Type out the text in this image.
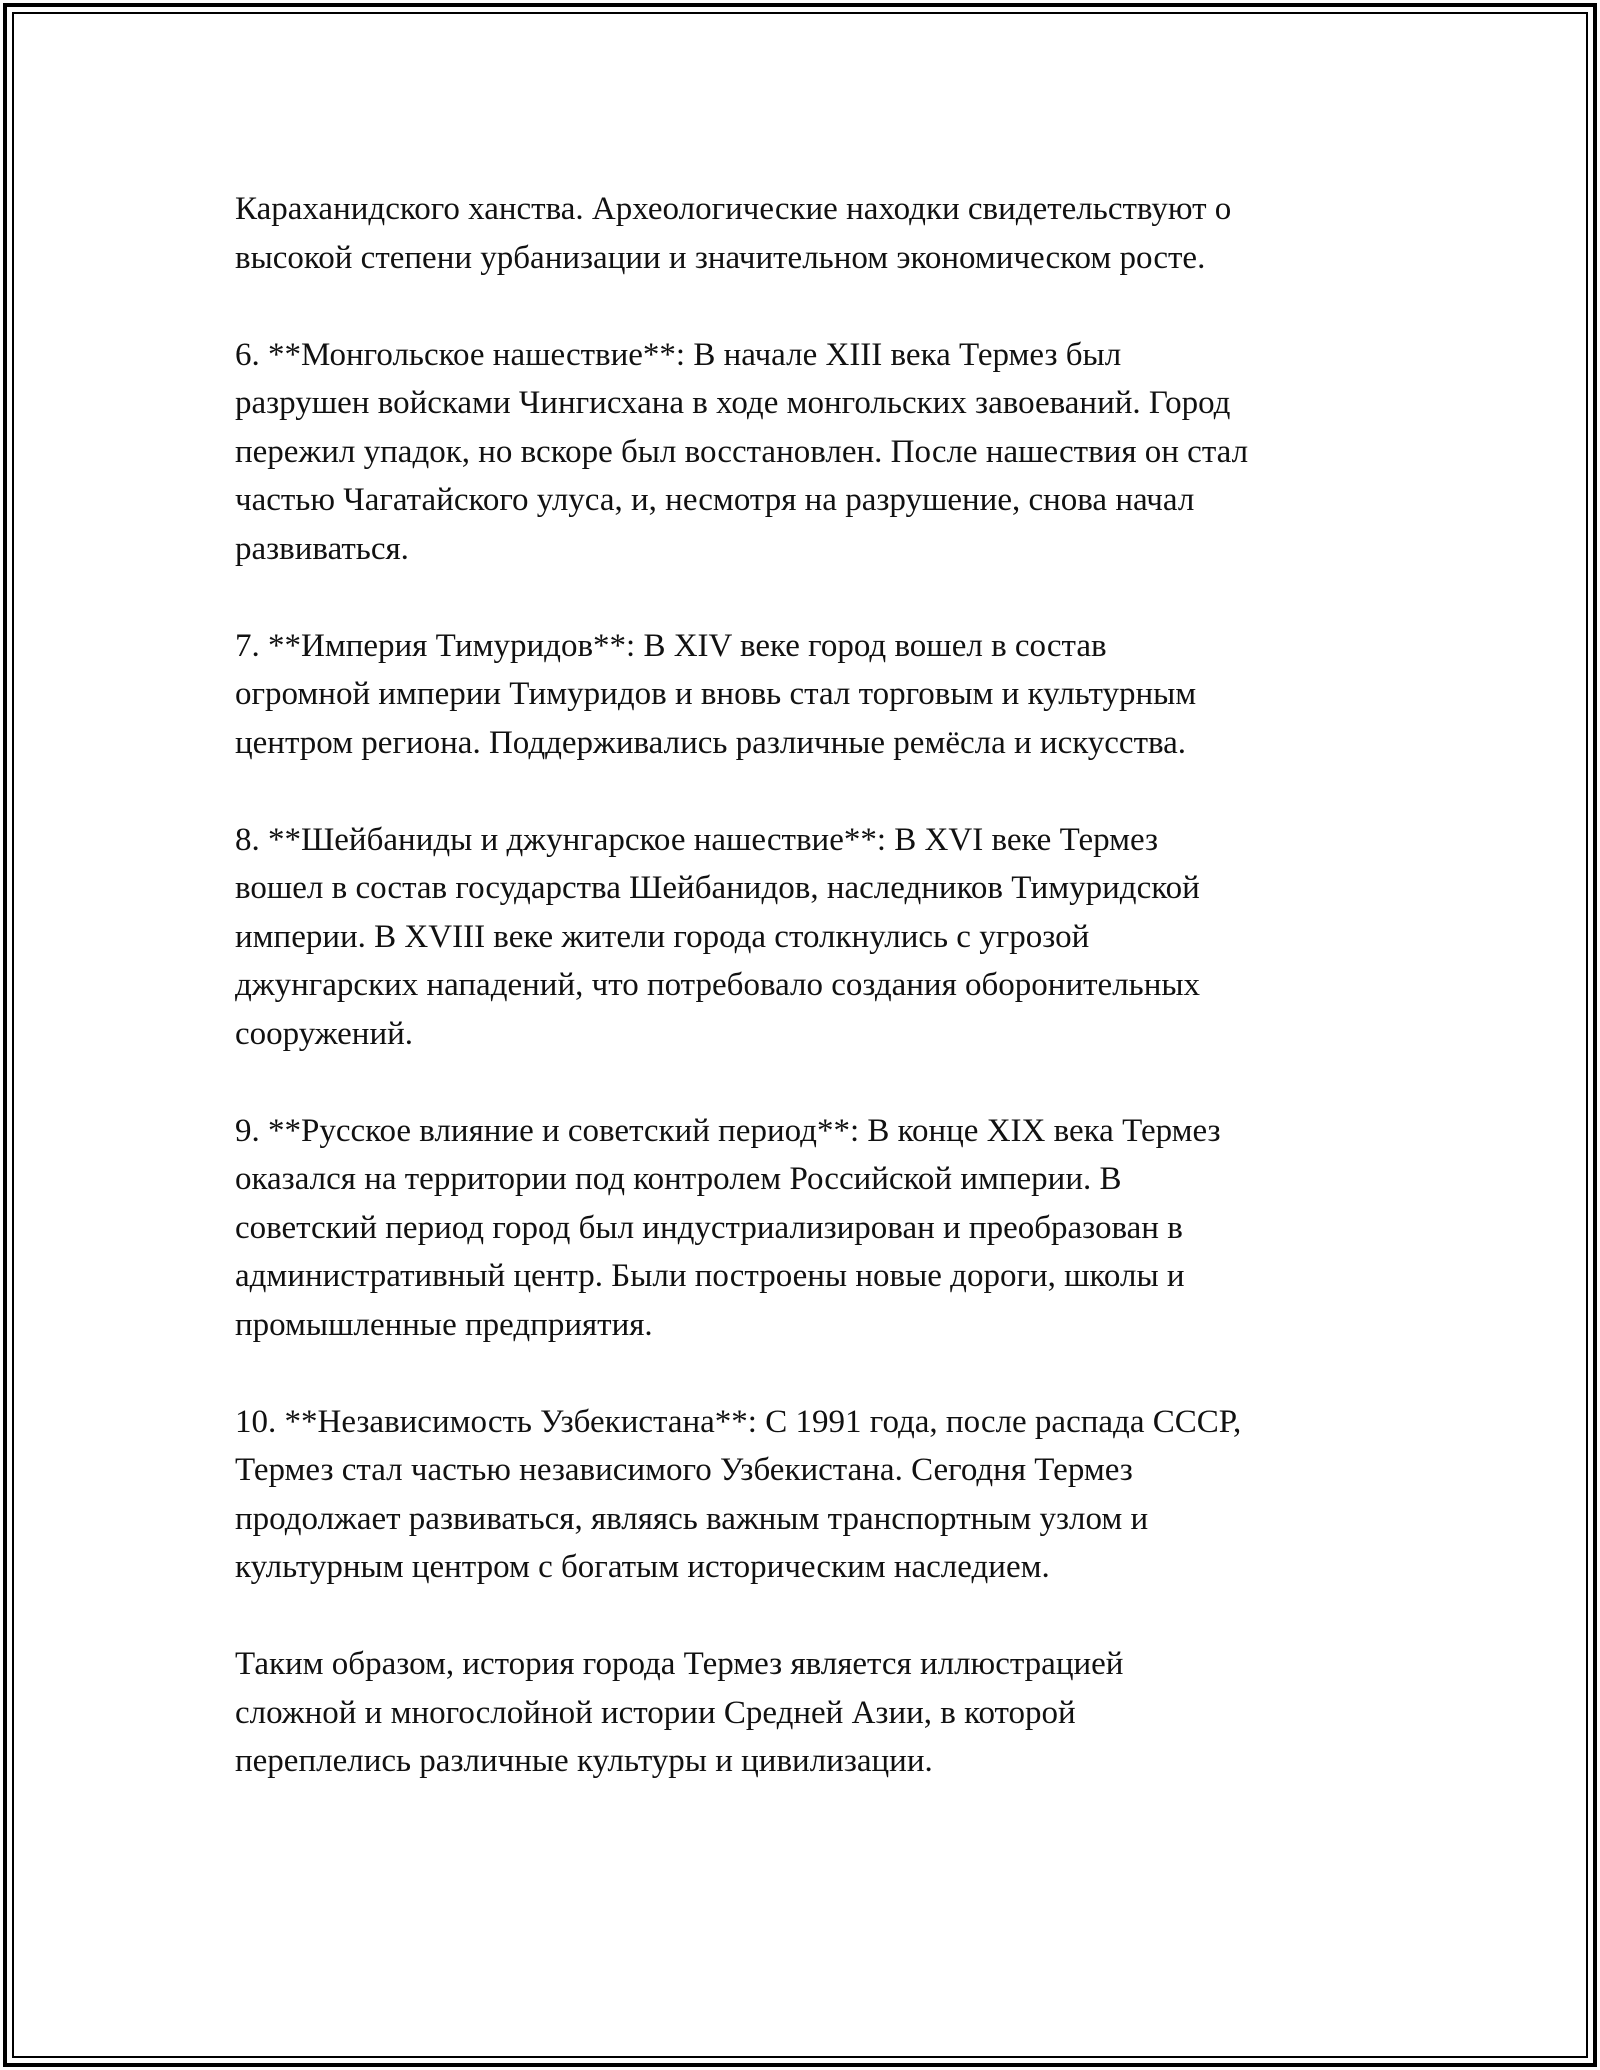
Караханидского ханства. Археологические находки свидетельствуют о
высокой степени урбанизации и значительном экономическом росте.

6. **Монгольское нашествие**: В начале XIII века Термез был
разрушен войсками Чингисхана в ходе монгольских завоеваний. Город
пережил упадок, но вскоре был восстановлен. После нашествия он стал
частью Чагатайского улуса, и, несмотря на разрушение, снова начал
развиваться.

7. **Империя Тимуридов**: В XIV веке город вошел в состав
огромной империи Тимуридов и вновь стал торговым и культурным
центром региона. Поддерживались различные ремёсла и искусства.

8. **Шейбаниды и джунгарское нашествие**: В XVI веке Термез
вошел в состав государства Шейбанидов, наследников Тимуридской
империи. В XVIII веке жители города столкнулись с угрозой
джунгарских нападений, что потребовало создания оборонительных
сооружений.

9. **Русское влияние и советский период**: В конце XIX века Термез
оказался на территории под контролем Российской империи. В
советский период город был индустриализирован и преобразован в
административный центр. Были построены новые дороги, школы и
промышленные предприятия.

10. **Независимость Узбекистана**: С 1991 года, после распада СССР,
Термез стал частью независимого Узбекистана. Сегодня Термез
продолжает развиваться, являясь важным транспортным узлом и
культурным центром с богатым историческим наследием.

Таким образом, история города Термез является иллюстрацией
сложной и многослойной истории Средней Азии, в которой
переплелись различные культуры и цивилизации.
